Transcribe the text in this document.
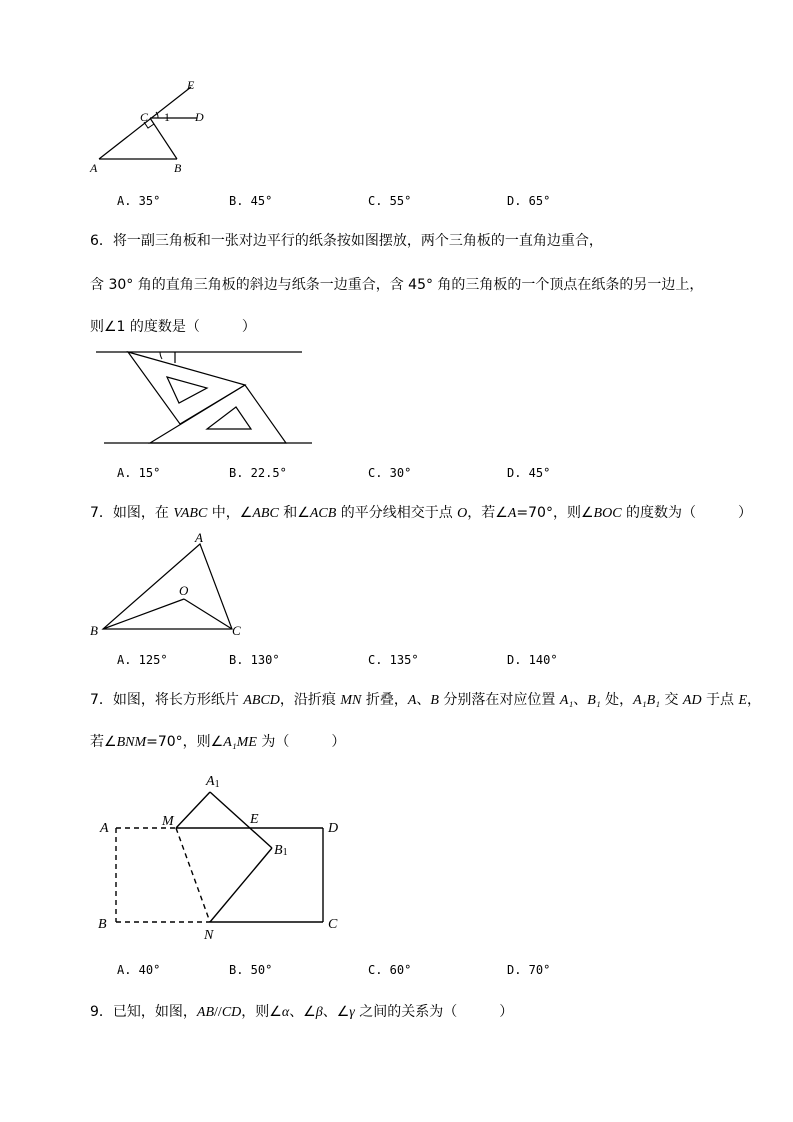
E
C 1 D
A	B
A. 35°	B. 45°	C. 55°	D. 65°
6．将一副三角板和一张对边平行的纸条按如图摆放，两个三角板的一直角边重合，
含 30° 角的直角三角板的斜边与纸条一边重合，含 45° 角的三角板的一个顶点在纸条的另一边上，
则∠1 的度数是（　　　）
1
A. 15°	B. 22.5°	C. 30°	D. 45°
7．如图，在 VABC 中，∠ABC 和∠ACB 的平分线相交于点 O，若∠A=70°，则∠BOC 的度数为（　　　）
A
O
B	C
A. 125°	B. 130°	C. 135°	D. 140°
7．如图，将长方形纸片 ABCD，沿折痕 MN 折叠，A、B 分别落在对应位置 A₁、B₁ 处，A₁B₁ 交 AD 于点 E，
若∠BNM=70°，则∠A₁ME 为（　　　）
A1
M	E
D
A
B1
B
N
C
A. 40°	B. 50°	C. 60°	D. 70°
9．已知，如图，AB//CD，则∠α、∠β、∠γ 之间的关系为（　　　）
